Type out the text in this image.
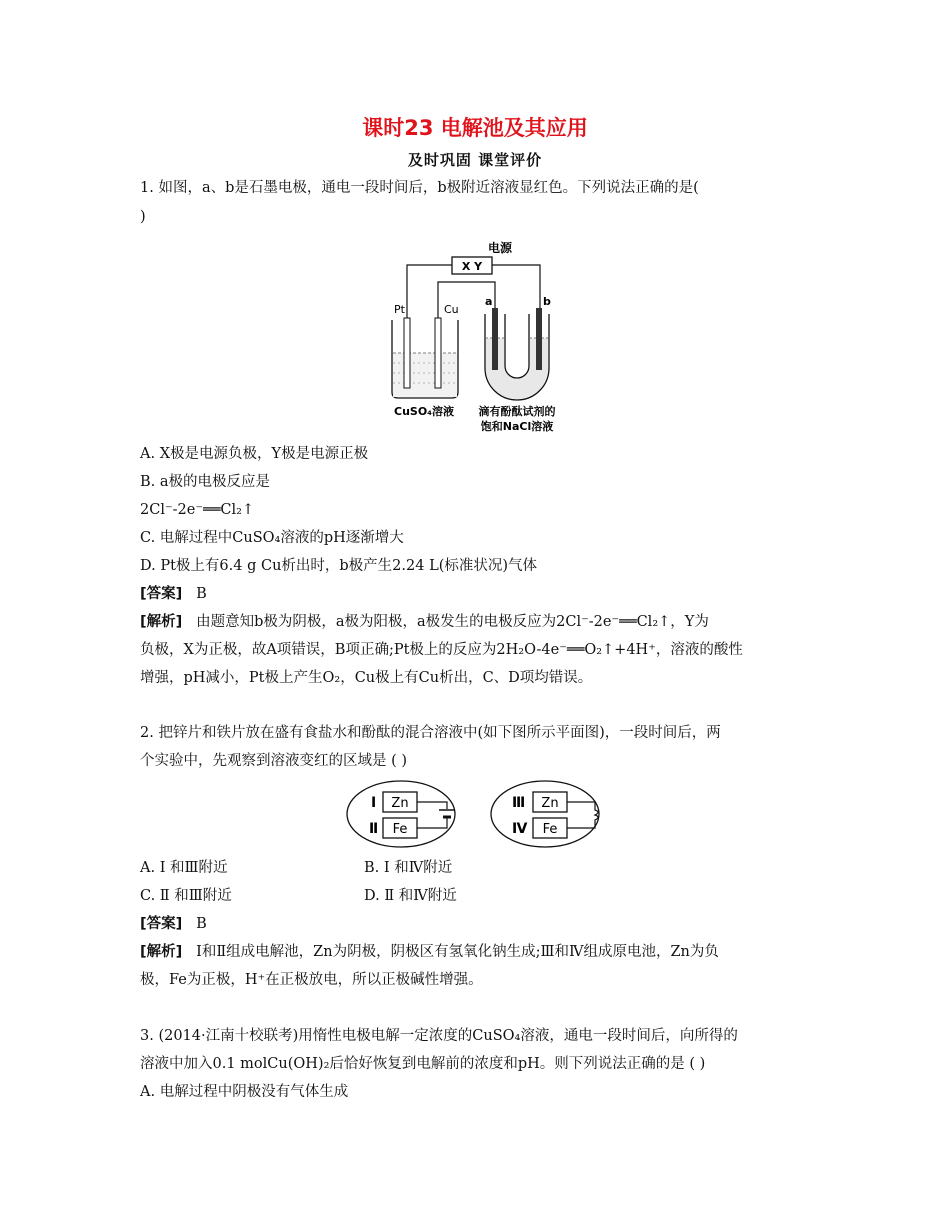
课时23 电解池及其应用
及时巩固 课堂评价
1. 如图，a、b是石墨电极，通电一段时间后，b极附近溶液显红色。下列说法正确的是(
)
电源
X Y
Pt	Cu
CuSO₄溶液
a	b
滴有酚酞试剂的
饱和NaCl溶液
A. X极是电源负极，Y极是电源正极
B. a极的电极反应是
2Cl⁻-2e⁻══Cl₂↑
C. 电解过程中CuSO₄溶液的pH逐渐增大
D. Pt极上有6.4 g Cu析出时，b极产生2.24 L(标准状况)气体
[答案] B
[解析] 由题意知b极为阴极，a极为阳极，a极发生的电极反应为2Cl⁻-2e⁻══Cl₂↑，Y为
负极，X为正极，故A项错误，B项正确;Pt极上的反应为2H₂O-4e⁻══O₂↑+4H⁺，溶液的酸性
增强，pH减小，Pt极上产生O₂，Cu极上有Cu析出，C、D项均错误。
2. 把锌片和铁片放在盛有食盐水和酚酞的混合溶液中(如下图所示平面图)，一段时间后，两
个实验中，先观察到溶液变红的区域是 ( )
Ⅰ
Ⅱ
Zn
Fe
Ⅲ
Ⅳ
Zn
Fe
A. Ⅰ 和Ⅲ附近	B. Ⅰ 和Ⅳ附近
C. Ⅱ 和Ⅲ附近	D. Ⅱ 和Ⅳ附近
[答案] B
[解析] Ⅰ和Ⅱ组成电解池，Zn为阴极，阴极区有氢氧化钠生成;Ⅲ和Ⅳ组成原电池，Zn为负
极，Fe为正极，H⁺在正极放电，所以正极碱性增强。
3. (2014·江南十校联考)用惰性电极电解一定浓度的CuSO₄溶液，通电一段时间后，向所得的
溶液中加入0.1 molCu(OH)₂后恰好恢复到电解前的浓度和pH。则下列说法正确的是 ( )
A. 电解过程中阴极没有气体生成
